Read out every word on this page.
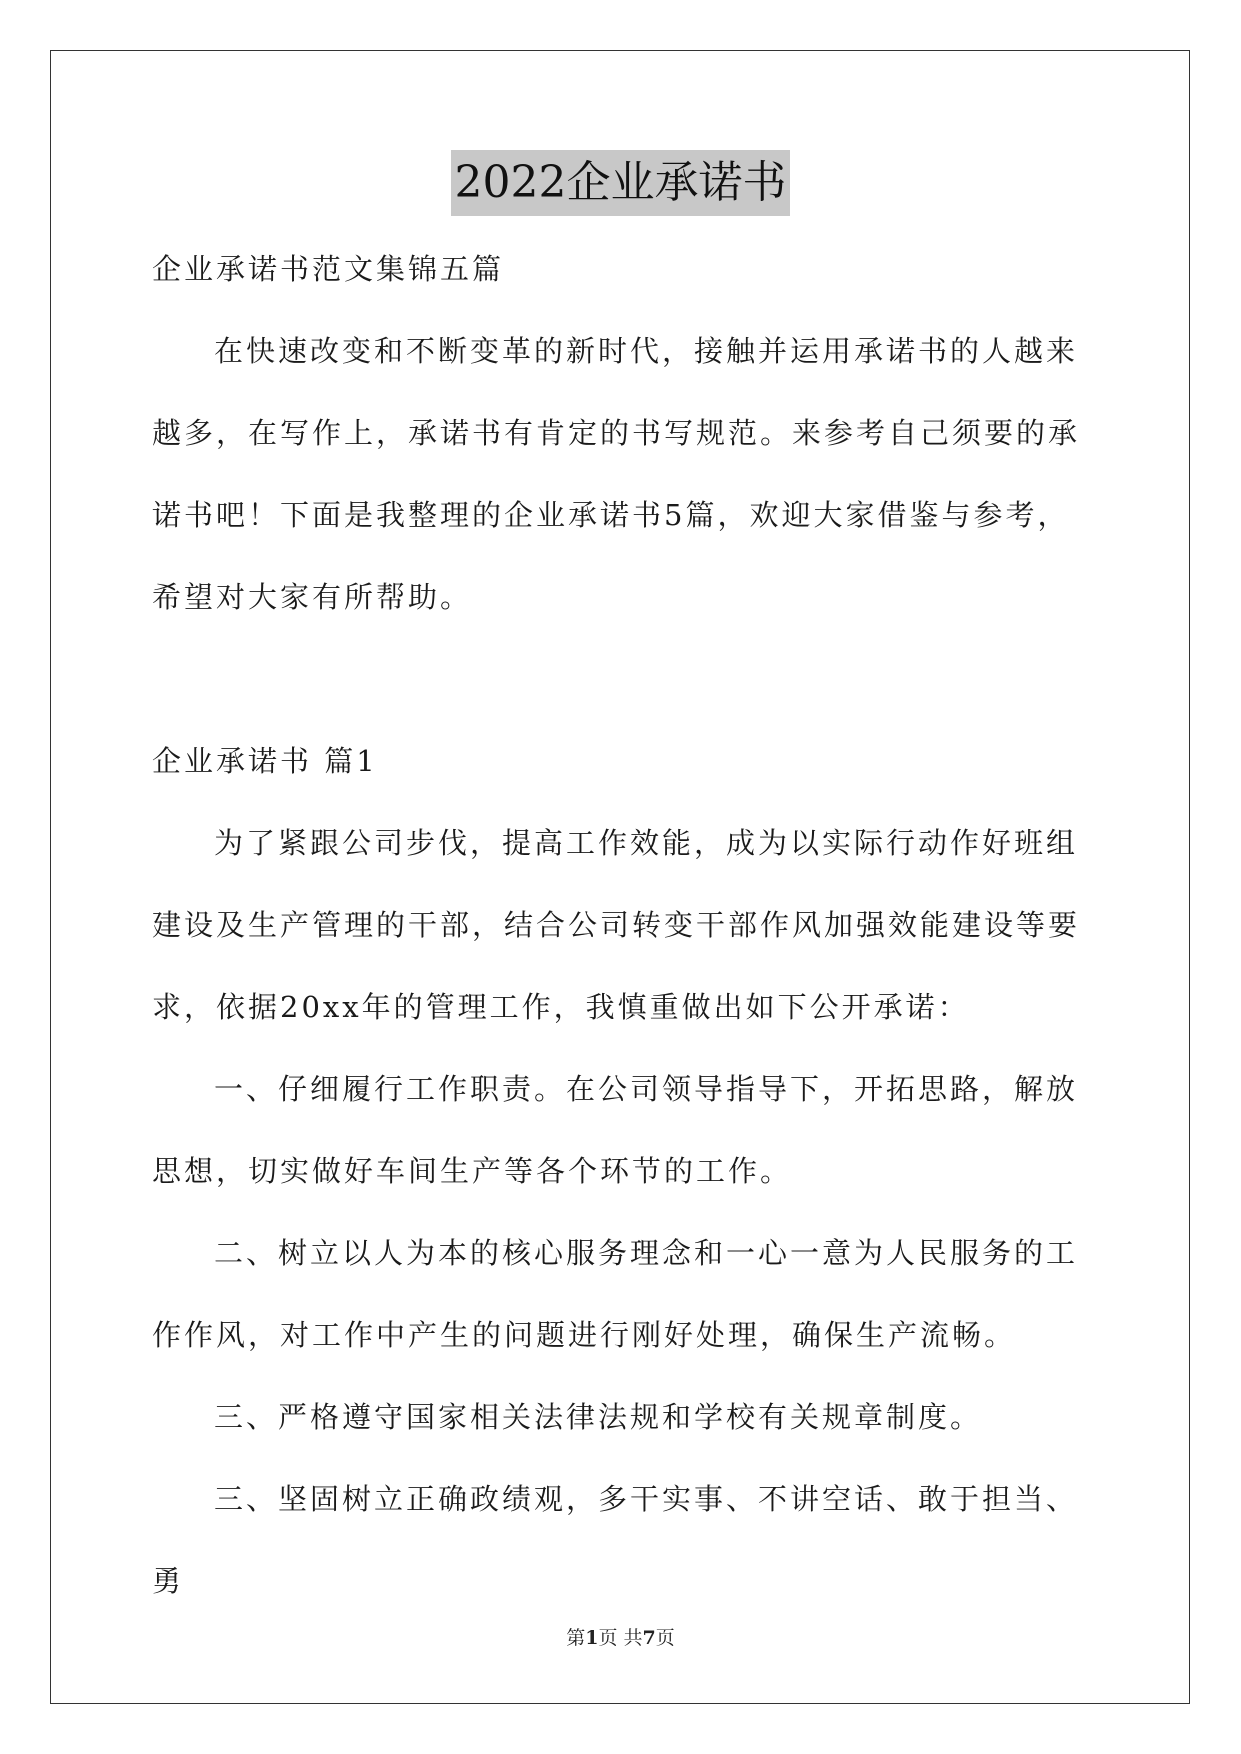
2022企业承诺书

企业承诺书范文集锦五篇

在快速改变和不断变革的新时代，接触并运用承诺书的人越来越多，在写作上，承诺书有肯定的书写规范。来参考自己须要的承诺书吧！下面是我整理的企业承诺书5篇，欢迎大家借鉴与参考，希望对大家有所帮助。

企业承诺书 篇1

为了紧跟公司步伐，提高工作效能，成为以实际行动作好班组建设及生产管理的干部，结合公司转变干部作风加强效能建设等要求，依据20xx年的管理工作，我慎重做出如下公开承诺：

一、仔细履行工作职责。在公司领导指导下，开拓思路，解放思想，切实做好车间生产等各个环节的工作。

二、树立以人为本的核心服务理念和一心一意为人民服务的工作作风，对工作中产生的问题进行刚好处理，确保生产流畅。

三、严格遵守国家相关法律法规和学校有关规章制度。

三、坚固树立正确政绩观，多干实事、不讲空话、敢于担当、勇

第1页 共7页
